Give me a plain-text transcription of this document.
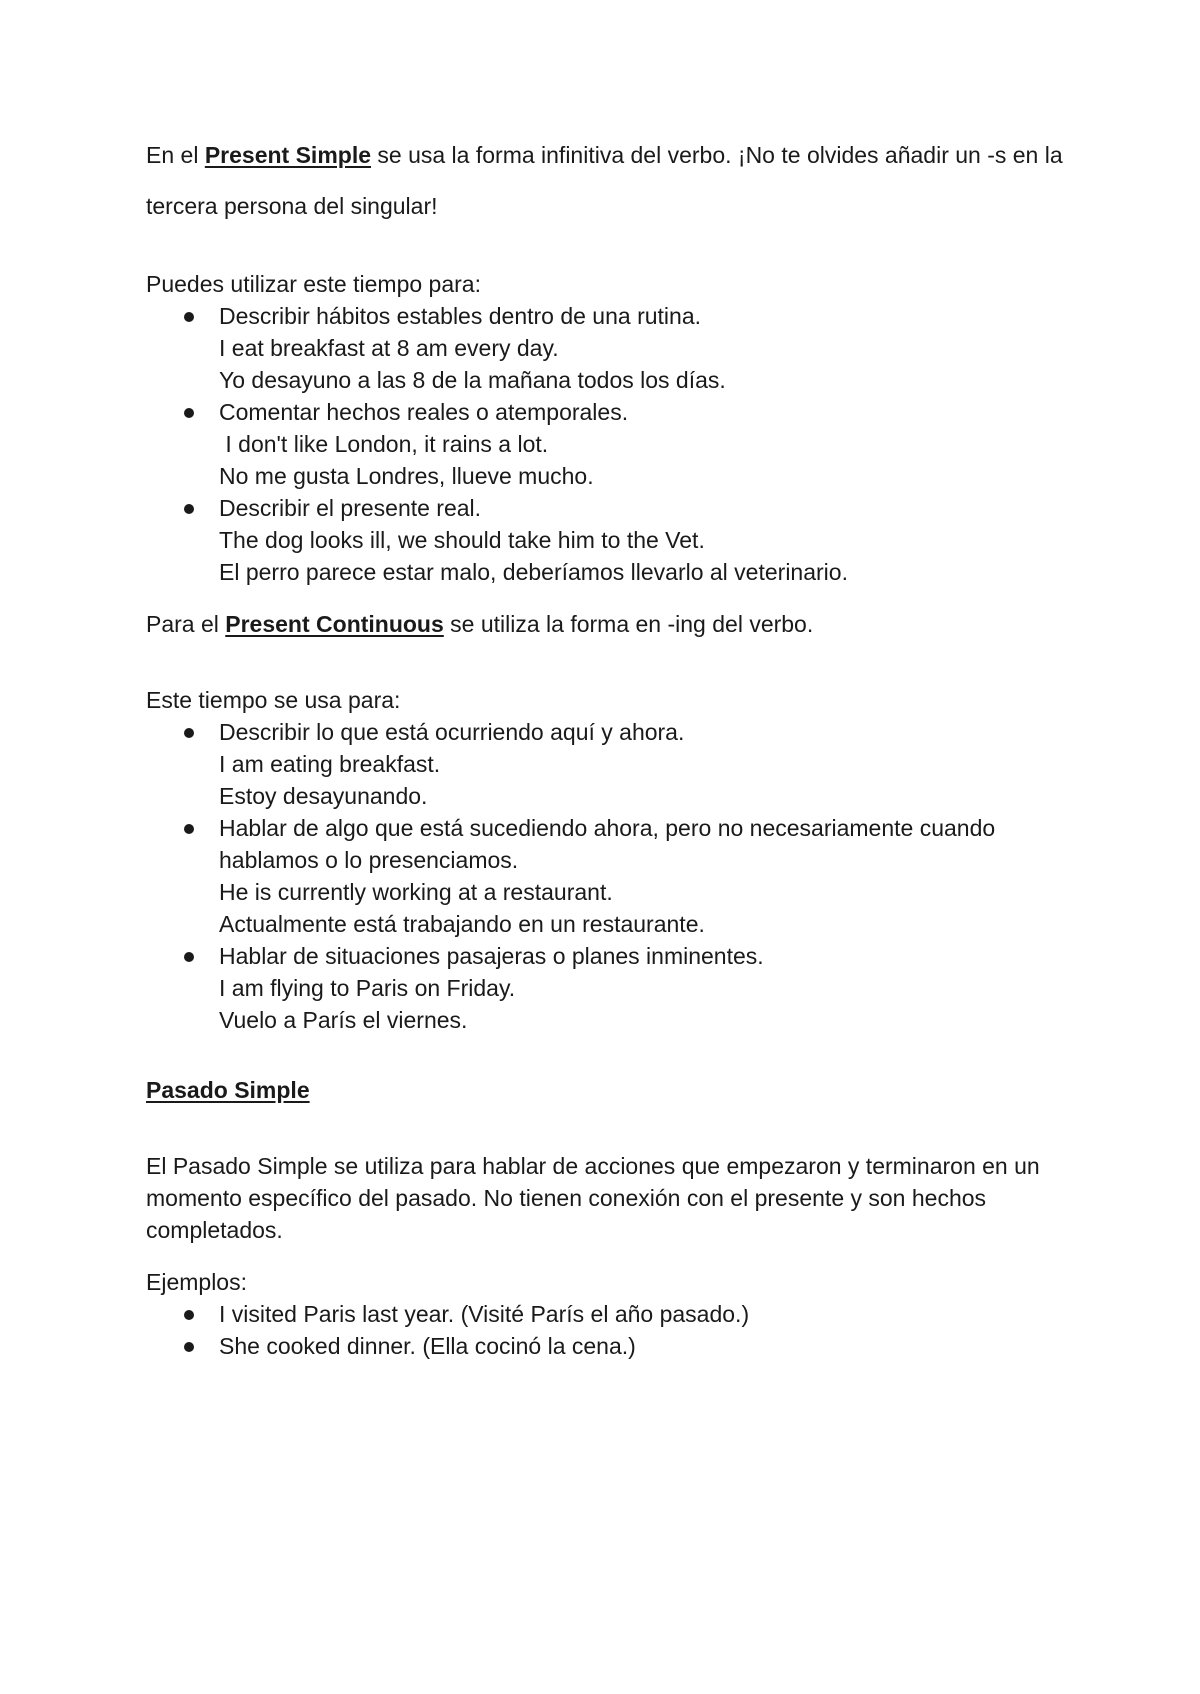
En el Present Simple se usa la forma infinitiva del verbo. ¡No te olvides añadir un -s en la tercera persona del singular!

Puedes utilizar este tiempo para:

Describir hábitos estables dentro de una rutina.
I eat breakfast at 8 am every day.
Yo desayuno a las 8 de la mañana todos los días.
Comentar hechos reales o atemporales.
I don't like London, it rains a lot.
No me gusta Londres, llueve mucho.
Describir el presente real.
The dog looks ill, we should take him to the Vet.
El perro parece estar malo, deberíamos llevarlo al veterinario.

Para el Present Continuous se utiliza la forma en -ing del verbo.

Este tiempo se usa para:

Describir lo que está ocurriendo aquí y ahora.
I am eating breakfast.
Estoy desayunando.
Hablar de algo que está sucediendo ahora, pero no necesariamente cuando
hablamos o lo presenciamos.
He is currently working at a restaurant.
Actualmente está trabajando en un restaurante.
Hablar de situaciones pasajeras o planes inminentes.
I am flying to Paris on Friday.
Vuelo a París el viernes.

Pasado Simple

El Pasado Simple se utiliza para hablar de acciones que empezaron y terminaron en un momento específico del pasado. No tienen conexión con el presente y son hechos completados.

Ejemplos:

I visited Paris last year. (Visité París el año pasado.)
She cooked dinner. (Ella cocinó la cena.)
